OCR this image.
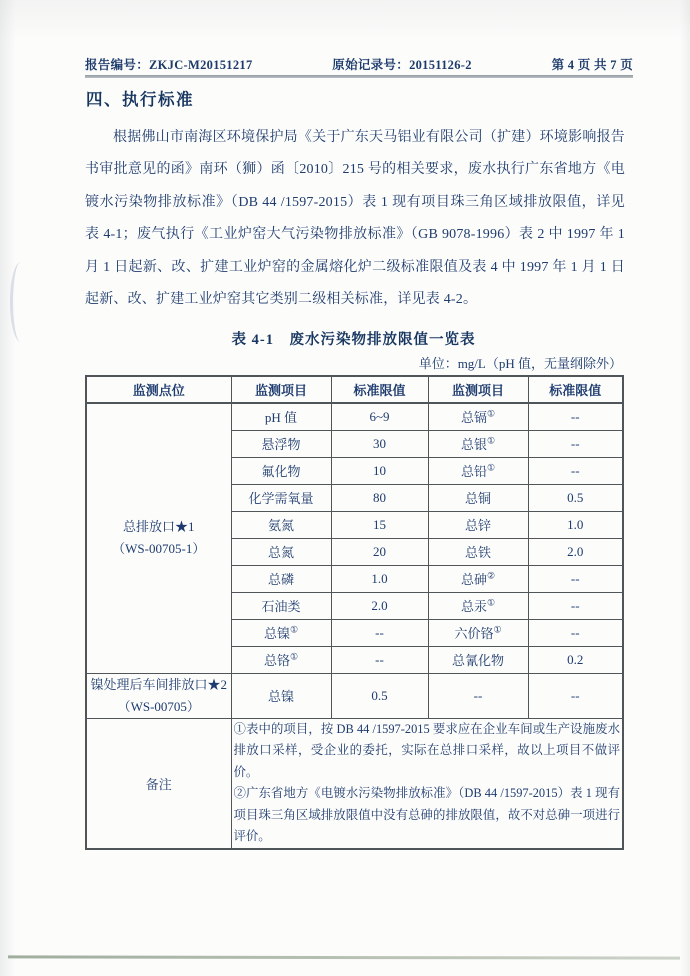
报告编号：ZKJC-M20151217	原始记录号：20151126-2	第 4 页 共 7 页
四、执行标准
根据佛山市南海区环境保护局《关于广东天马铝业有限公司（扩建）环境影响报告书审批意见的函》南环（狮）函〔2010〕215 号的相关要求，废水执行广东省地方《电镀水污染物排放标准》（DB 44 /1597-2015）表 1 现有项目珠三角区域排放限值，详见表 4-1；废气执行《工业炉窑大气污染物排放标准》（GB 9078-1996）表 2 中 1997 年 1 月 1 日起新、改、扩建工业炉窑的金属熔化炉二级标准限值及表 4 中 1997 年 1 月 1 日起新、改、扩建工业炉窑其它类别二级相关标准，详见表 4-2。
表 4-1　废水污染物排放限值一览表
单位：mg/L（pH 值，无量纲除外）
监测点位	监测项目	标准限值	监测项目	标准限值

总排放口★1
（WS-00705-1）	pH 值	6~9	总镉①	--
	悬浮物	30	总银①	--
	氟化物	10	总铅①	--
	化学需氧量	80	总铜	0.5
	氨氮	15	总锌	1.0
	总氮	20	总铁	2.0
	总磷	1.0	总砷②	--
	石油类	2.0	总汞①	--
	总镍①	--	六价铬①	--
	总铬①	--	总氰化物	0.2

镍处理后车间排放口★2
（WS-00705）	总镍	0.5	--	--
备注	①表中的项目，按 DB 44 /1597-2015 要求应在企业车间或生产设施废水排放口采样，受企业的委托，实际在总排口采样，故以上项目不做评价。

②广东省地方《电镀水污染物排放标准》（DB 44 /1597-2015）表 1 现有项目珠三角区域排放限值中没有总砷的排放限值，故不对总砷一项进行评价。			
